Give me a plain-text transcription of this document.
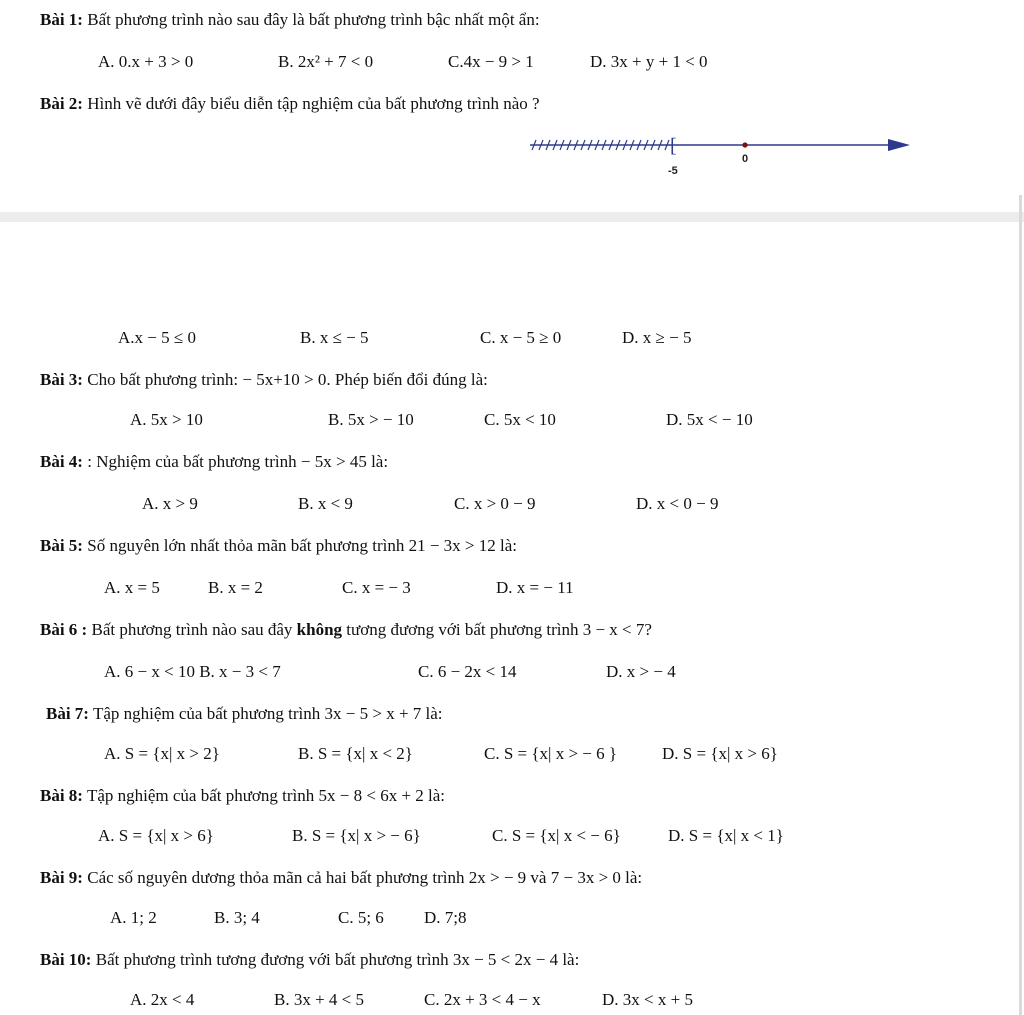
Bài 1: Bất phương trình nào sau đây là bất phương trình bậc nhất một ẩn:
A. 0.x + 3 > 0	B. 2x² + 7 < 0	C.4x − 9 > 1	D. 3x + y + 1 < 0
Bài 2: Hình vẽ dưới đây biểu diễn tập nghiệm của bất phương trình nào ?
[
-5
0
A.x − 5 ≤ 0	B. x ≤ − 5	C. x − 5 ≥ 0	D. x ≥ − 5
Bài 3: Cho bất phương trình: − 5x+10 > 0. Phép biến đổi đúng là:
A. 5x > 10	B. 5x > − 10	C. 5x < 10	D. 5x < − 10
Bài 4: : Nghiệm của bất phương trình − 5x > 45 là:
A. x > 9	B. x < 9	C. x > 0 − 9	D. x < 0 − 9
Bài 5: Số nguyên lớn nhất thỏa mãn bất phương trình 21 − 3x > 12 là:
A. x = 5	B. x = 2	C. x = − 3	D. x = − 11
Bài 6 : Bất phương trình nào sau đây không tương đương với bất phương trình 3 − x < 7?
A. 6 − x < 10 B. x − 3 < 7	C. 6 − 2x < 14	D. x > − 4
Bài 7: Tập nghiệm của bất phương trình 3x − 5 > x + 7 là:
A. S = {x| x > 2}	B. S = {x| x < 2}	C. S = {x| x > − 6 }	D. S = {x| x > 6}
Bài 8: Tập nghiệm của bất phương trình 5x − 8 < 6x + 2 là:
A. S = {x| x > 6}	B. S = {x| x > − 6}	C. S = {x| x < − 6}	D. S = {x| x < 1}
Bài 9: Các số nguyên dương thỏa mãn cả hai bất phương trình 2x > − 9 và 7 − 3x > 0 là:
A. 1; 2	B. 3; 4	C. 5; 6 D. 7;8
Bài 10: Bất phương trình tương đương với bất phương trình 3x − 5 < 2x − 4 là:
A. 2x < 4	B. 3x + 4 < 5	C. 2x + 3 < 4 − x	D. 3x < x + 5
